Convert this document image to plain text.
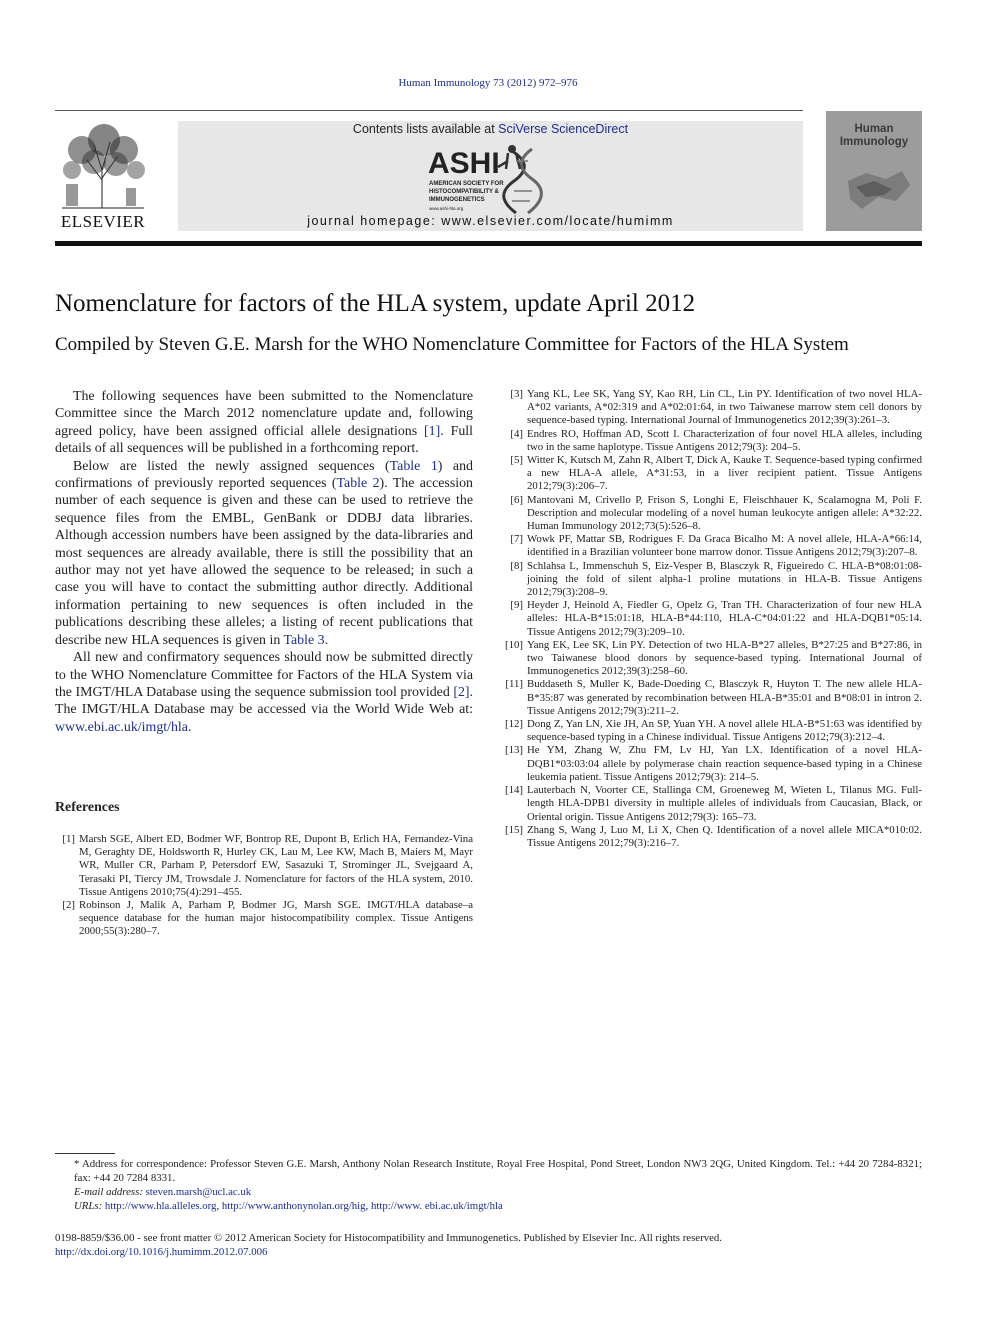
Human Immunology 73 (2012) 972–976
ELSEVIER
Contents lists available at SciVerse ScienceDirect
ASHI
AMERICAN SOCIETY FOR
HISTOCOMPATIBILITY &
IMMUNOGENETICS
www.ashi-hla.org
journal homepage: www.elsevier.com/locate/humimm
Human
Immunology
Nomenclature for factors of the HLA system, update April 2012
Compiled by Steven G.E. Marsh for the WHO Nomenclature Committee for Factors of the HLA System

The following sequences have been submitted to the Nomenclature Committee since the March 2012 nomenclature update and, following agreed policy, have been assigned official allele designations [1]. Full details of all sequences will be published in a forthcoming report.

Below are listed the newly assigned sequences (Table 1) and confirmations of previously reported sequences (Table 2). The accession number of each sequence is given and these can be used to retrieve the sequence files from the EMBL, GenBank or DDBJ data libraries. Although accession numbers have been assigned by the data-libraries and most sequences are already available, there is still the possibility that an author may not yet have allowed the sequence to be released; in such a case you will have to contact the submitting author directly. Additional information pertaining to new sequences is often included in the publications describing these alleles; a listing of recent publications that describe new HLA sequences is given in Table 3.

All new and confirmatory sequences should now be submitted directly to the WHO Nomenclature Committee for Factors of the HLA System via the IMGT/HLA Database using the sequence submission tool provided [2]. The IMGT/HLA Database may be accessed via the World Wide Web at: www.ebi.ac.uk/imgt/hla.

References
[1] Marsh SGE, Albert ED, Bodmer WF, Bontrop RE, Dupont B, Erlich HA, Fernandez-Vina M, Geraghty DE, Holdsworth R, Hurley CK, Lau M, Lee KW, Mach B, Maiers M, Mayr WR, Muller CR, Parham P, Petersdorf EW, Sasazuki T, Strominger JL, Svejgaard A, Terasaki PI, Tiercy JM, Trowsdale J. Nomenclature for factors of the HLA system, 2010. Tissue Antigens 2010;75(4):291–455.
[2] Robinson J, Malik A, Parham P, Bodmer JG, Marsh SGE. IMGT/HLA database–a sequence database for the human major histocompatibility complex. Tissue Antigens 2000;55(3):280–7.
[3] Yang KL, Lee SK, Yang SY, Kao RH, Lin CL, Lin PY. Identification of two novel HLA-A*02 variants, A*02:319 and A*02:01:64, in two Taiwanese marrow stem cell donors by sequence-based typing. International Journal of Immunogenetics 2012;39(3):261–3.
[4] Endres RO, Hoffman AD, Scott I. Characterization of four novel HLA alleles, including two in the same haplotype. Tissue Antigens 2012;79(3): 204–5.
[5] Witter K, Kutsch M, Zahn R, Albert T, Dick A, Kauke T. Sequence-based typing confirmed a new HLA-A allele, A*31:53, in a liver recipient patient. Tissue Antigens 2012;79(3):206–7.
[6] Mantovani M, Crivello P, Frison S, Longhi E, Fleischhauer K, Scalamogna M, Poli F. Description and molecular modeling of a novel human leukocyte antigen allele: A*32:22. Human Immunology 2012;73(5):526–8.
[7] Wowk PF, Mattar SB, Rodrigues F. Da Graca Bicalho M: A novel allele, HLA-A*66:14, identified in a Brazilian volunteer bone marrow donor. Tissue Antigens 2012;79(3):207–8.
[8] Schlahsa L, Immenschuh S, Eiz-Vesper B, Blasczyk R, Figueiredo C. HLA-B*08:01:08- joining the fold of silent alpha-1 proline mutations in HLA-B. Tissue Antigens 2012;79(3):208–9.
[9] Heyder J, Heinold A, Fiedler G, Opelz G, Tran TH. Characterization of four new HLA alleles: HLA-B*15:01:18, HLA-B*44:110, HLA-C*04:01:22 and HLA-DQB1*05:14. Tissue Antigens 2012;79(3):209–10.
[10] Yang EK, Lee SK, Lin PY. Detection of two HLA-B*27 alleles, B*27:25 and B*27:86, in two Taiwanese blood donors by sequence-based typing. International Journal of Immunogenetics 2012;39(3):258–60.
[11] Buddaseth S, Muller K, Bade-Doeding C, Blasczyk R, Huyton T. The new allele HLA-B*35:87 was generated by recombination between HLA-B*35:01 and B*08:01 in intron 2. Tissue Antigens 2012;79(3):211–2.
[12] Dong Z, Yan LN, Xie JH, An SP, Yuan YH. A novel allele HLA-B*51:63 was identified by sequence-based typing in a Chinese individual. Tissue Antigens 2012;79(3):212–4.
[13] He YM, Zhang W, Zhu FM, Lv HJ, Yan LX. Identification of a novel HLA-DQB1*03:03:04 allele by polymerase chain reaction sequence-based typing in a Chinese leukemia patient. Tissue Antigens 2012;79(3): 214–5.
[14] Lauterbach N, Voorter CE, Stallinga CM, Groeneweg M, Wieten L, Tilanus MG. Full-length HLA-DPB1 diversity in multiple alleles of individuals from Caucasian, Black, or Oriental origin. Tissue Antigens 2012;79(3): 165–73.
[15] Zhang S, Wang J, Luo M, Li X, Chen Q. Identification of a novel allele MICA*010:02. Tissue Antigens 2012;79(3):216–7.
* Address for correspondence: Professor Steven G.E. Marsh, Anthony Nolan Research Institute, Royal Free Hospital, Pond Street, London NW3 2QG, United Kingdom. Tel.: +44 20 7284-8321; fax: +44 20 7284 8331.
E-mail address: steven.marsh@ucl.ac.uk
URLs: http://www.hla.alleles.org, http://www.anthonynolan.org/hig, http://www. ebi.ac.uk/imgt/hla
0198-8859/$36.00 - see front matter © 2012 American Society for Histocompatibility and Immunogenetics. Published by Elsevier Inc. All rights reserved.
http://dx.doi.org/10.1016/j.humimm.2012.07.006
